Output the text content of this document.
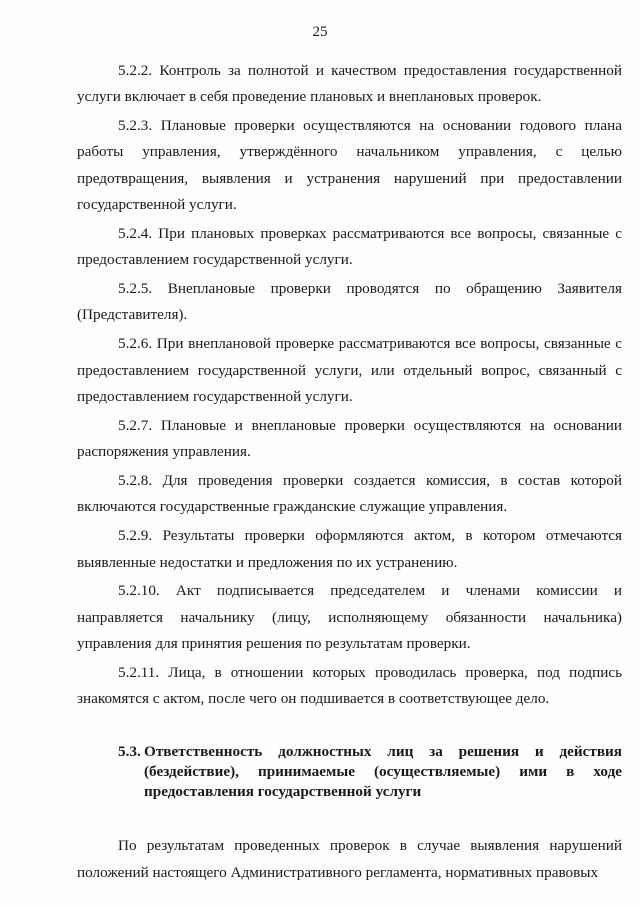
25

5.2.2. Контроль за полнотой и качеством предоставления государственной услуги включает в себя проведение плановых и внеплановых проверок.

5.2.3. Плановые проверки осуществляются на основании годового плана работы управления, утверждённого начальником управления, с целью предотвращения, выявления и устранения нарушений при предоставлении государственной услуги.

5.2.4. При плановых проверках рассматриваются все вопросы, связанные с предоставлением государственной услуги.

5.2.5. Внеплановые проверки проводятся по обращению Заявителя (Представителя).

5.2.6. При внеплановой проверке рассматриваются все вопросы, связанные с предоставлением государственной услуги, или отдельный вопрос, связанный с предоставлением государственной услуги.

5.2.7. Плановые и внеплановые проверки осуществляются на основании распоряжения управления.

5.2.8. Для проведения проверки создается комиссия, в состав которой включаются государственные гражданские служащие управления.

5.2.9. Результаты проверки оформляются актом, в котором отмечаются выявленные недостатки и предложения по их устранению.

5.2.10. Акт подписывается председателем и членами комиссии и направляется начальнику (лицу, исполняющему обязанности начальника) управления для принятия решения по результатам проверки.

5.2.11. Лица, в отношении которых проводилась проверка, под подпись знакомятся с актом, после чего он подшивается в соответствующее дело.

5.3. Ответственность должностных лиц за решения и действия (бездействие), принимаемые (осуществляемые) ими в ходе предоставления государственной услуги

По результатам проведенных проверок в случае выявления нарушений положений настоящего Административного регламента, нормативных правовых
